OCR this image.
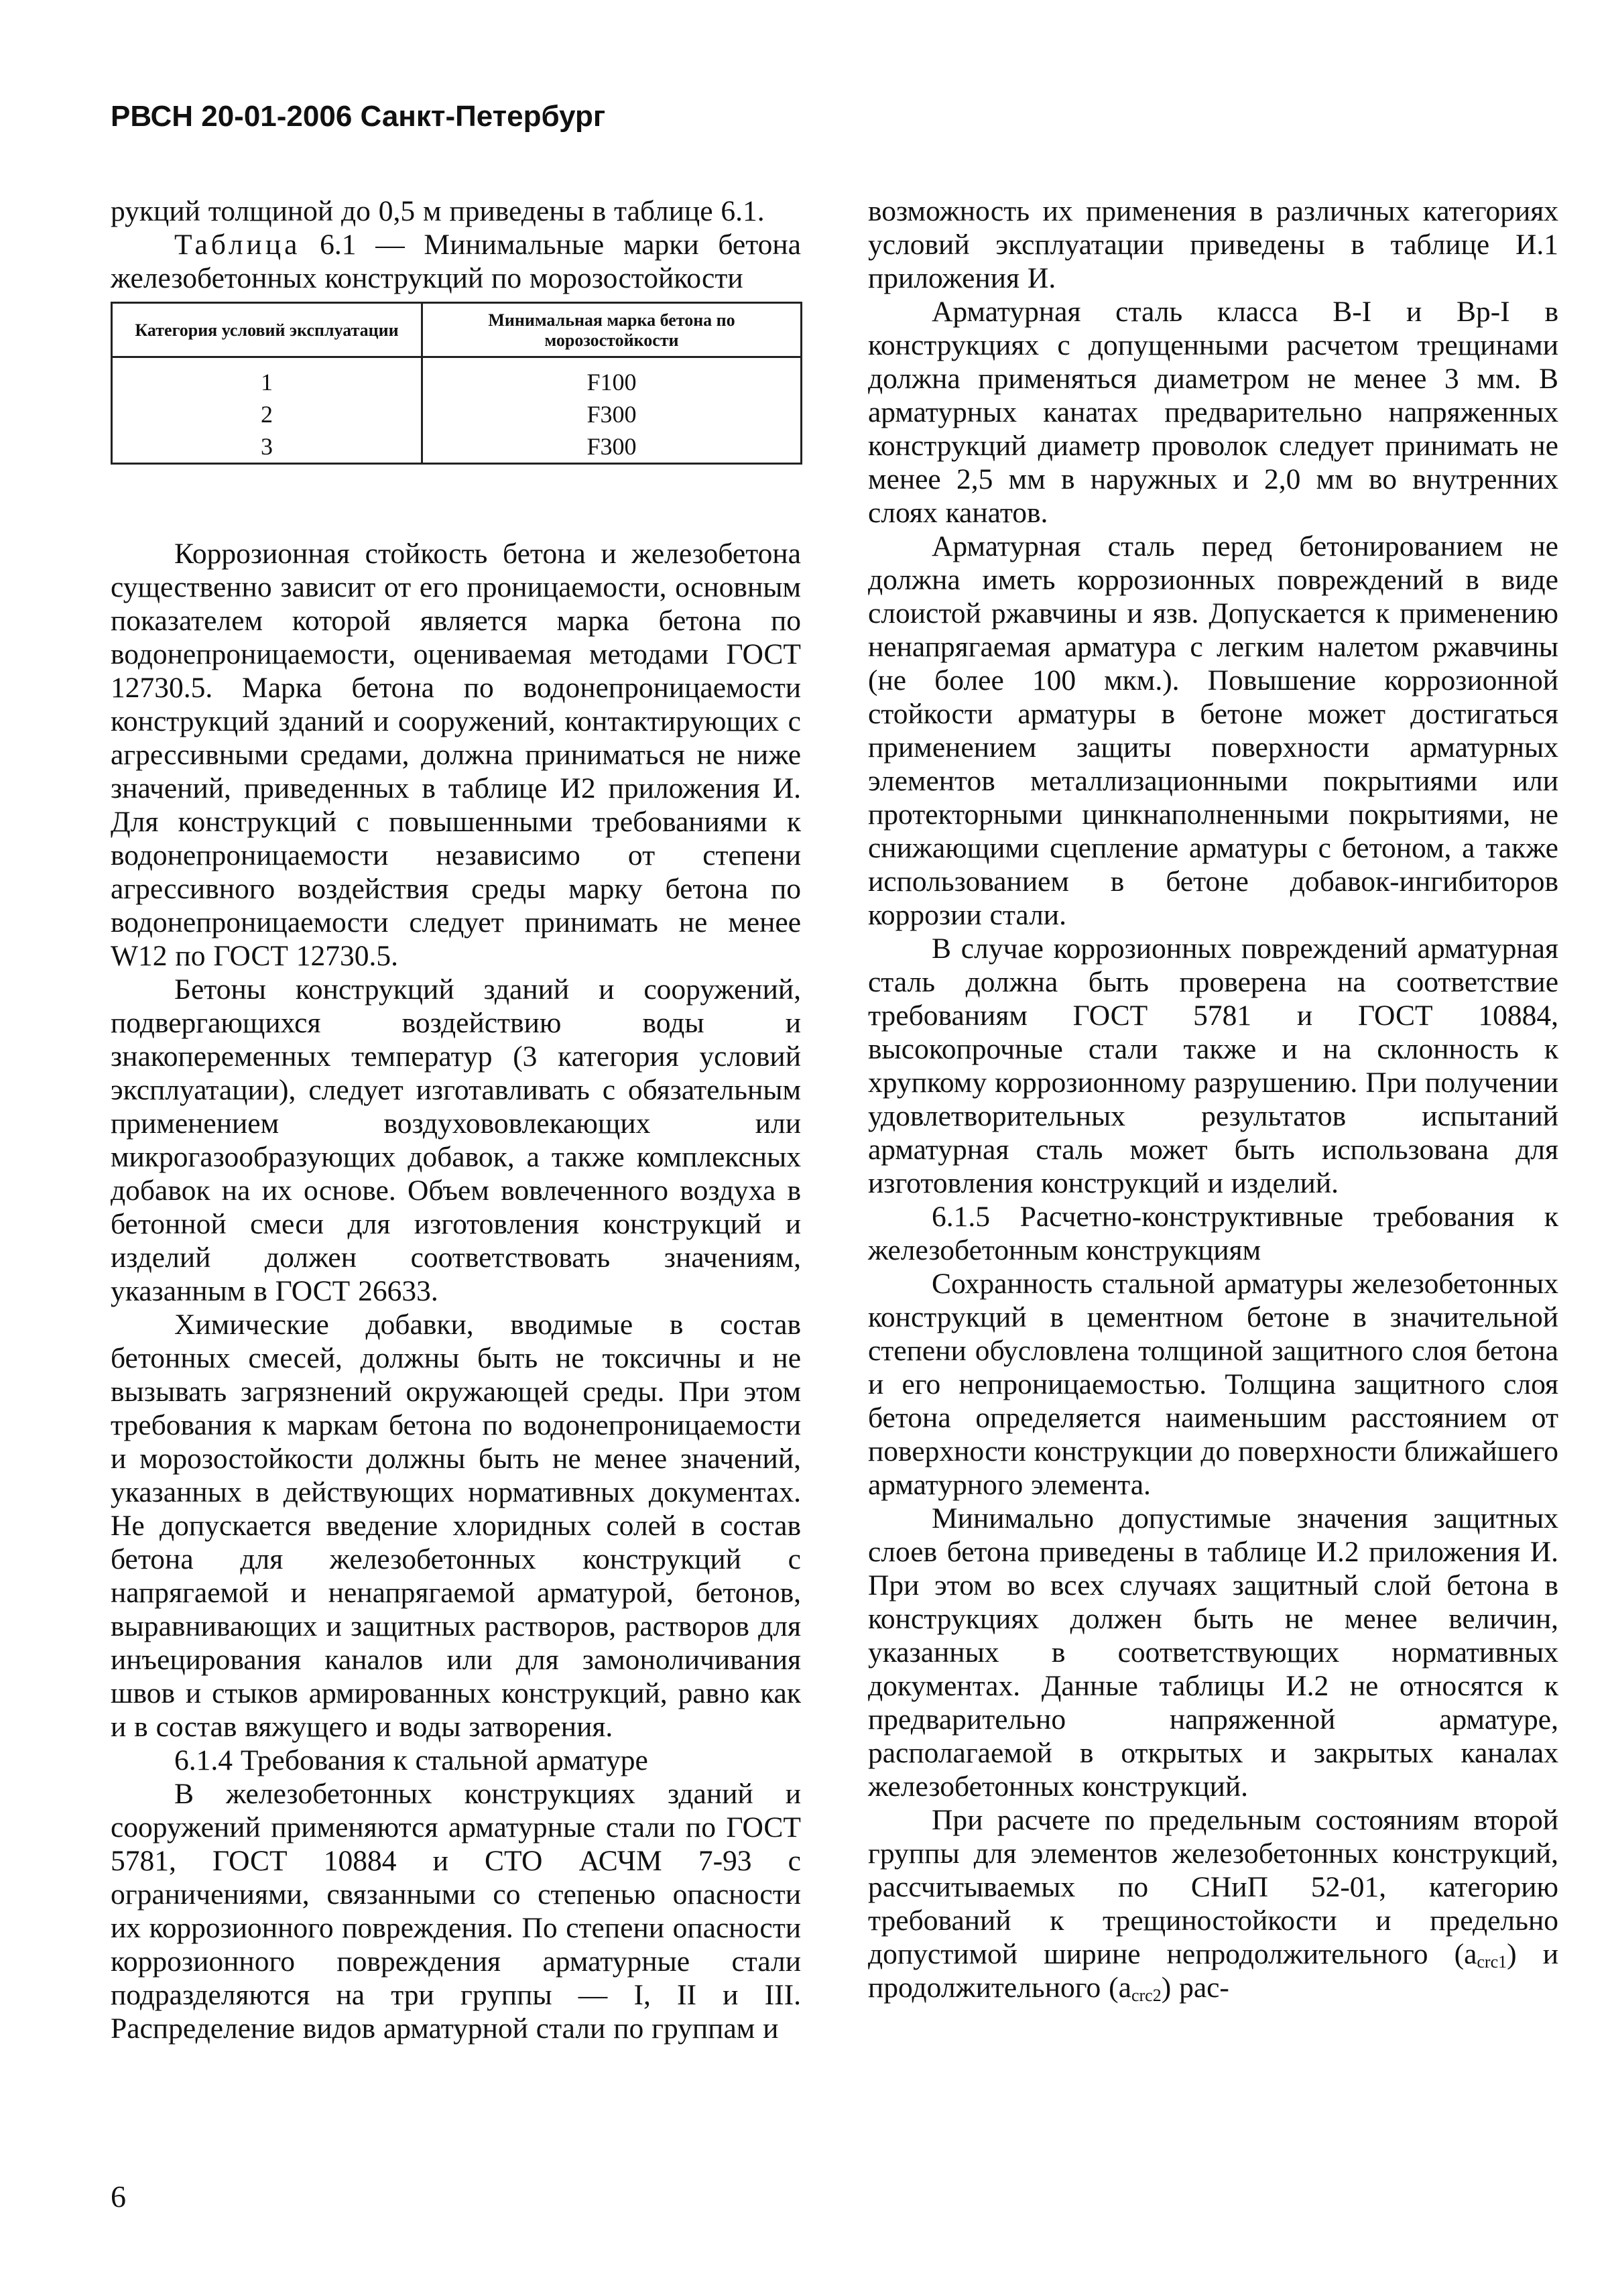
РВСН 20-01-2006 Санкт-Петербург

рукций толщиной до 0,5 м приведены в таблице 6.1.

Таблица 6.1 — Минимальные марки бетона железобетонных конструкций по морозостойкости

Категория условий эксплуатации	Минимальная марка бетона по морозостойкости
1	F100
2	F300
3	F300

Коррозионная стойкость бетона и железобетона существенно зависит от его проницаемости, основным показателем которой является марка бетона по водонепроницаемости, оцениваемая методами ГОСТ 12730.5. Марка бетона по водонепроницаемости конструкций зданий и сооружений, контактирующих с агрессивными средами, должна приниматься не ниже значений, приведенных в таблице И2 приложения И. Для конструкций с повышенными требованиями к водонепроницаемости независимо от степени агрессивного воздействия среды марку бетона по водонепроницаемости следует принимать не менее W12 по ГОСТ 12730.5.

Бетоны конструкций зданий и сооружений, подвергающихся воздействию воды и знакопеременных температур (3 категория условий эксплуатации), следует изготавливать с обязательным применением воздухововлекающих или микрогазообразующих добавок, а также комплексных добавок на их основе. Объем вовлеченного воздуха в бетонной смеси для изготовления конструкций и изделий должен соответствовать значениям, указанным в ГОСТ 26633.

Химические добавки, вводимые в состав бетонных смесей, должны быть не токсичны и не вызывать загрязнений окружающей среды. При этом требования к маркам бетона по водонепроницаемости и морозостойкости должны быть не менее значений, указанных в действующих нормативных документах. Не допускается введение хлоридных солей в состав бетона для железобетонных конструкций с напрягаемой и ненапрягаемой арматурой, бетонов, выравнивающих и защитных растворов, растворов для инъецирования каналов или для замоноличивания швов и стыков армированных конструкций, равно как и в состав вяжущего и воды затворения.

6.1.4 Требования к стальной арматуре

В железобетонных конструкциях зданий и сооружений применяются арматурные стали по ГОСТ 5781, ГОСТ 10884 и СТО АСЧМ 7-93 с ограничениями, связанными со степенью опасности их коррозионного повреждения. По степени опасности коррозионного повреждения арматурные стали подразделяются на три группы — I, II и III. Распределение видов арматурной стали по группам и

возможность их применения в различных категориях условий эксплуатации приведены в таблице И.1 приложения И.

Арматурная сталь класса В-I и Вр-I в конструкциях с допущенными расчетом трещинами должна применяться диаметром не менее 3 мм. В арматурных канатах предварительно напряженных конструкций диаметр проволок следует принимать не менее 2,5 мм в наружных и 2,0 мм во внутренних слоях канатов.

Арматурная сталь перед бетонированием не должна иметь коррозионных повреждений в виде слоистой ржавчины и язв. Допускается к применению ненапрягаемая арматура с легким налетом ржавчины (не более 100 мкм.). Повышение коррозионной стойкости арматуры в бетоне может достигаться применением защиты поверхности арматурных элементов металлизационными покрытиями или протекторными цинкнаполненными покрытиями, не снижающими сцепление арматуры с бетоном, а также использованием в бетоне добавок-ингибиторов коррозии стали.

В случае коррозионных повреждений арматурная сталь должна быть проверена на соответствие требованиям ГОСТ 5781 и ГОСТ 10884, высокопрочные стали также и на склонность к хрупкому коррозионному разрушению. При получении удовлетворительных результатов испытаний арматурная сталь может быть использована для изготовления конструкций и изделий.

6.1.5 Расчетно-конструктивные требования к железобетонным конструкциям

Сохранность стальной арматуры железобетонных конструкций в цементном бетоне в значительной степени обусловлена толщиной защитного слоя бетона и его непроницаемостью. Толщина защитного слоя бетона определяется наименьшим расстоянием от поверхности конструкции до поверхности ближайшего арматурного элемента.

Минимально допустимые значения защитных слоев бетона приведены в таблице И.2 приложения И. При этом во всех случаях защитный слой бетона в конструкциях должен быть не менее величин, указанных в соответствующих нормативных документах. Данные таблицы И.2 не относятся к предварительно напряженной арматуре, располагаемой в открытых и закрытых каналах железобетонных конструкций.

При расчете по предельным состояниям второй группы для элементов железобетонных конструкций, рассчитываемых по СНиП 52-01, категорию требований к трещиностойкости и предельно допустимой ширине непродолжительного $(a_{crc1})$ и продолжительного $(a_{crc2})$ рас-

6
